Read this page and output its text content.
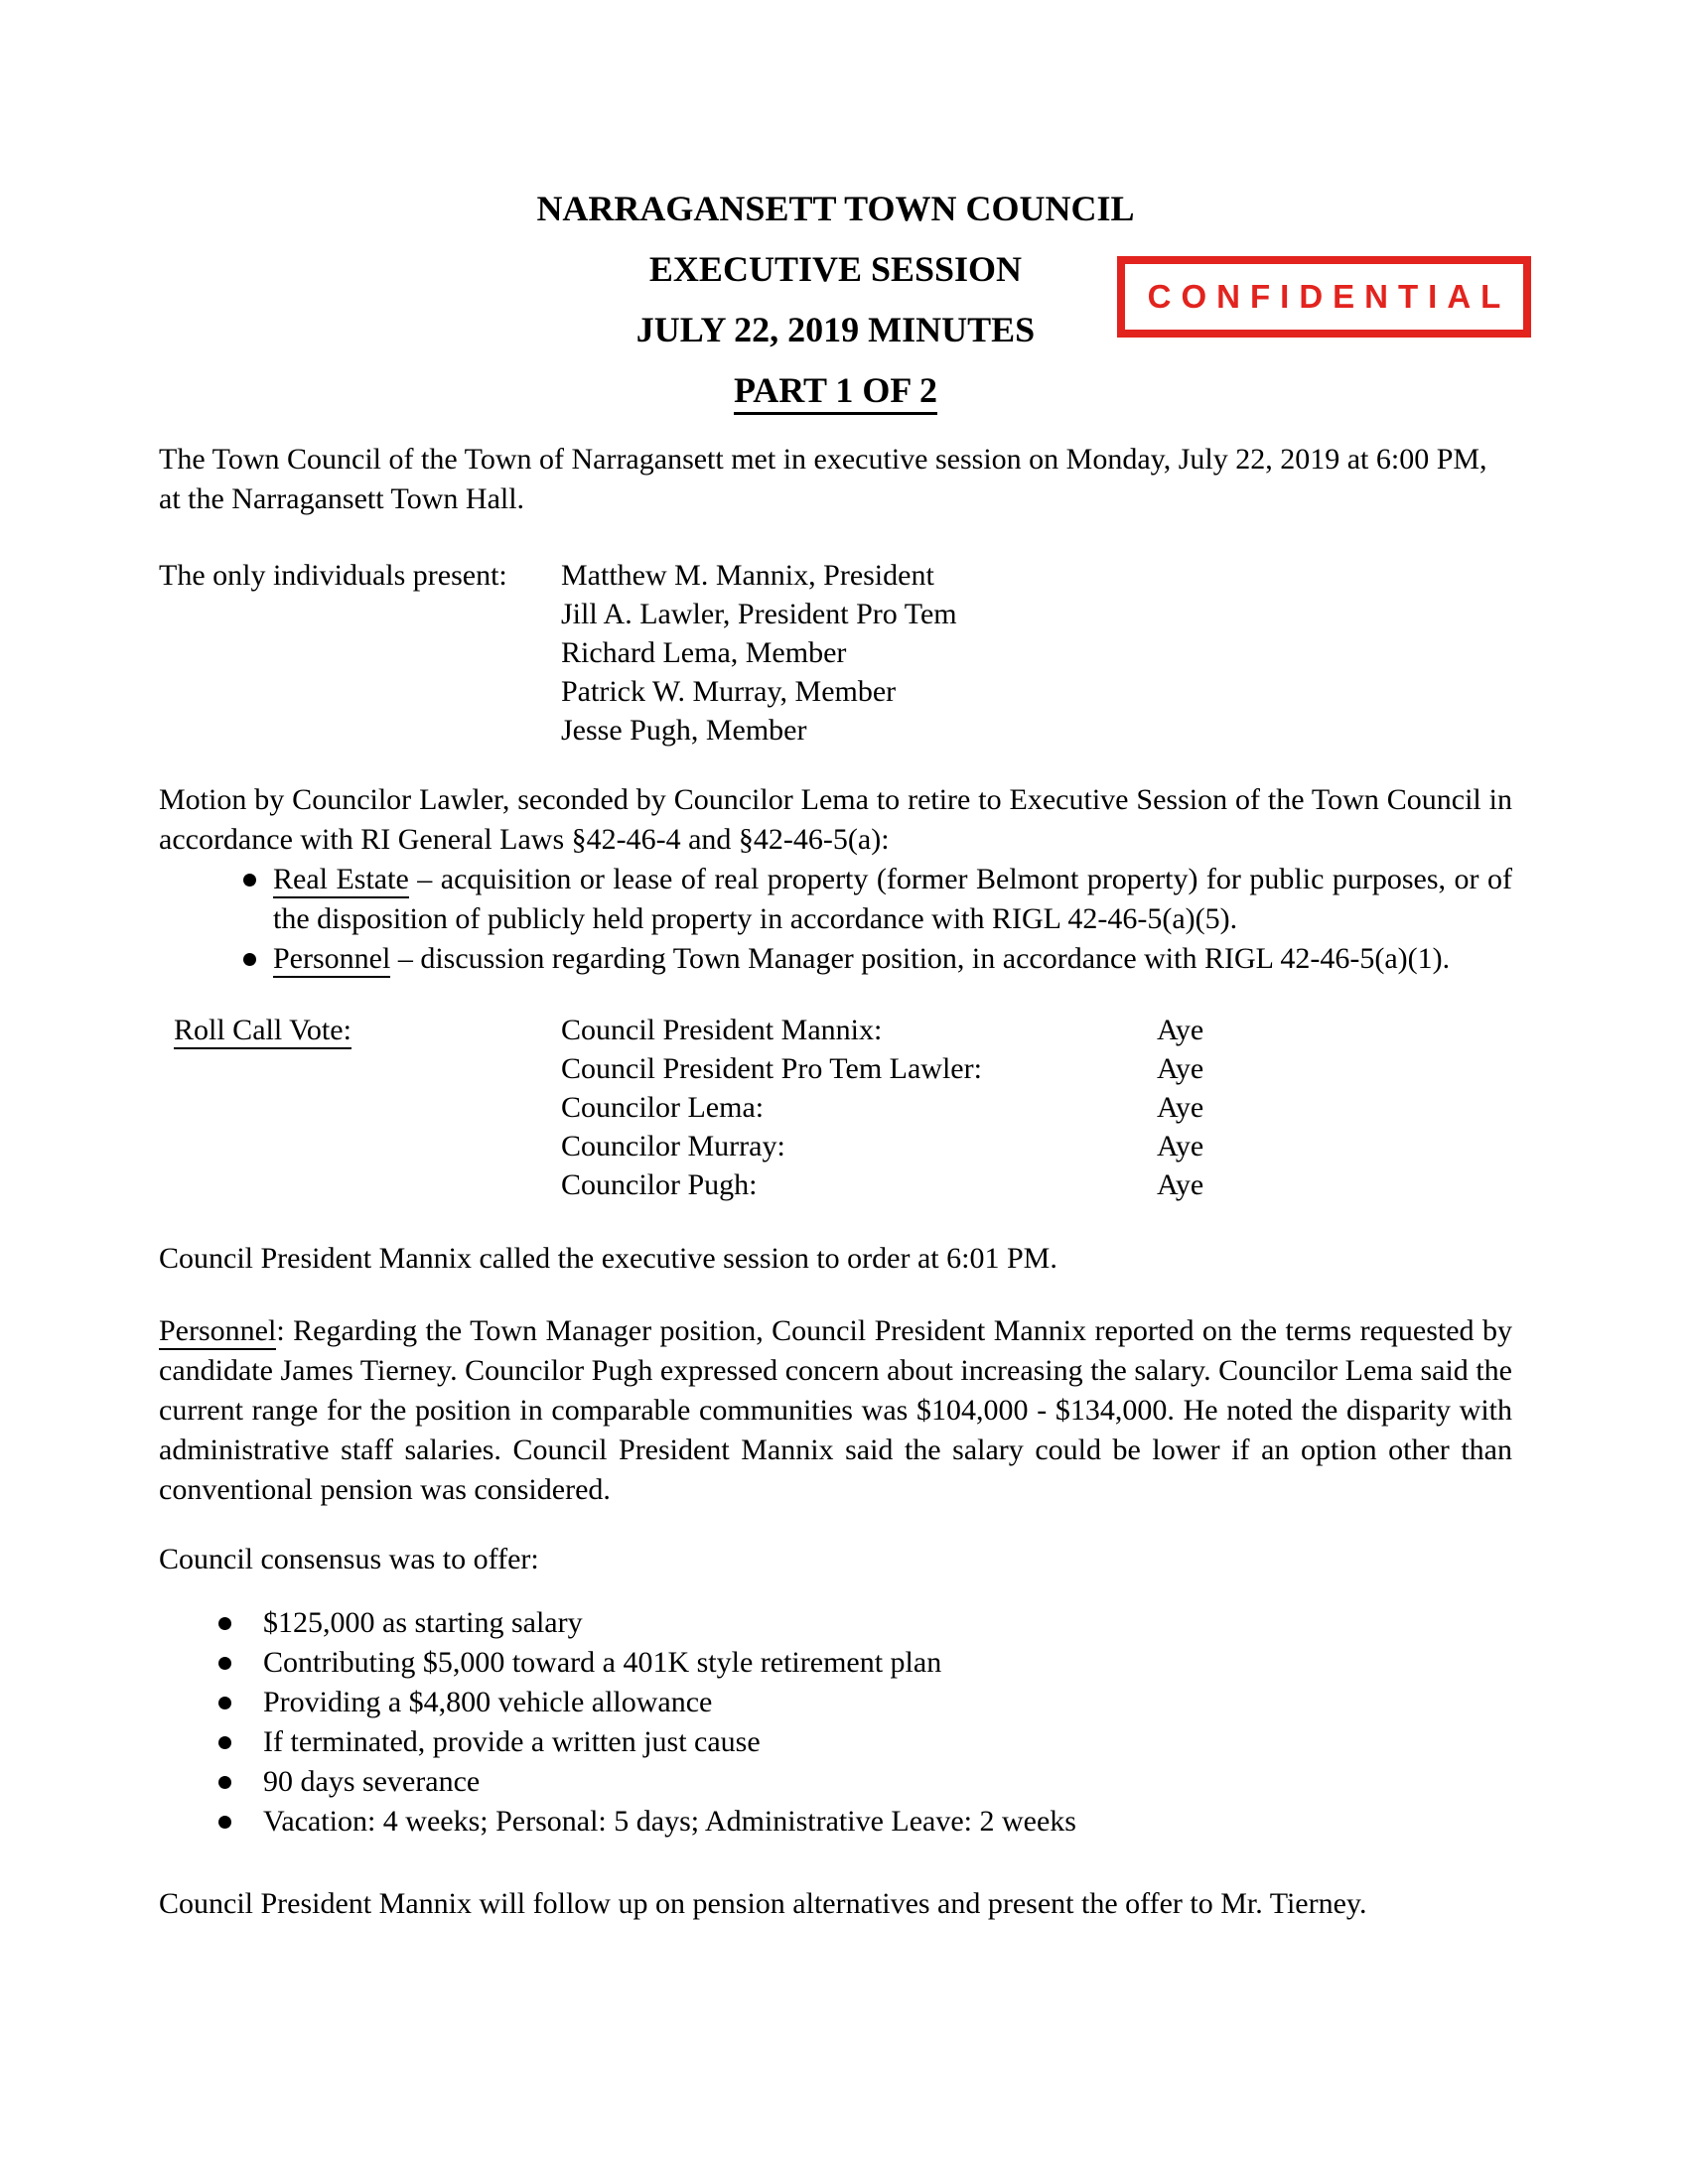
NARRAGANSETT TOWN COUNCIL
EXECUTIVE SESSION
JULY 22, 2019 MINUTES
PART 1 OF 2
CONFIDENTIAL
The Town Council of the Town of Narragansett met in executive session on Monday, July 22, 2019 at 6:00 PM, at the Narragansett Town Hall.
The only individuals present:	Matthew M. Mannix, President
Jill A. Lawler, President Pro Tem
Richard Lema, Member
Patrick W. Murray, Member
Jesse Pugh, Member
Motion by Councilor Lawler, seconded by Councilor Lema to retire to Executive Session of the Town Council in accordance with RI General Laws §42-46-4 and §42-46-5(a):
Real Estate – acquisition or lease of real property (former Belmont property) for public purposes, or of the disposition of publicly held property in accordance with RIGL 42-46-5(a)(5).
Personnel – discussion regarding Town Manager position, in accordance with RIGL 42-46-5(a)(1).
Roll Call Vote:	Council President Mannix:
Council President Pro Tem Lawler:
Councilor Lema:
Councilor Murray:
Councilor Pugh:
Aye
Aye
Aye
Aye
Aye
Council President Mannix called the executive session to order at 6:01 PM.
Personnel: Regarding the Town Manager position, Council President Mannix reported on the terms requested by candidate James Tierney. Councilor Pugh expressed concern about increasing the salary. Councilor Lema said the current range for the position in comparable communities was $104,000 - $134,000. He noted the disparity with administrative staff salaries. Council President Mannix said the salary could be lower if an option other than conventional pension was considered.
Council consensus was to offer:
$125,000 as starting salary
Contributing $5,000 toward a 401K style retirement plan
Providing a $4,800 vehicle allowance
If terminated, provide a written just cause
90 days severance
Vacation: 4 weeks; Personal: 5 days; Administrative Leave: 2 weeks
Council President Mannix will follow up on pension alternatives and present the offer to Mr. Tierney.
